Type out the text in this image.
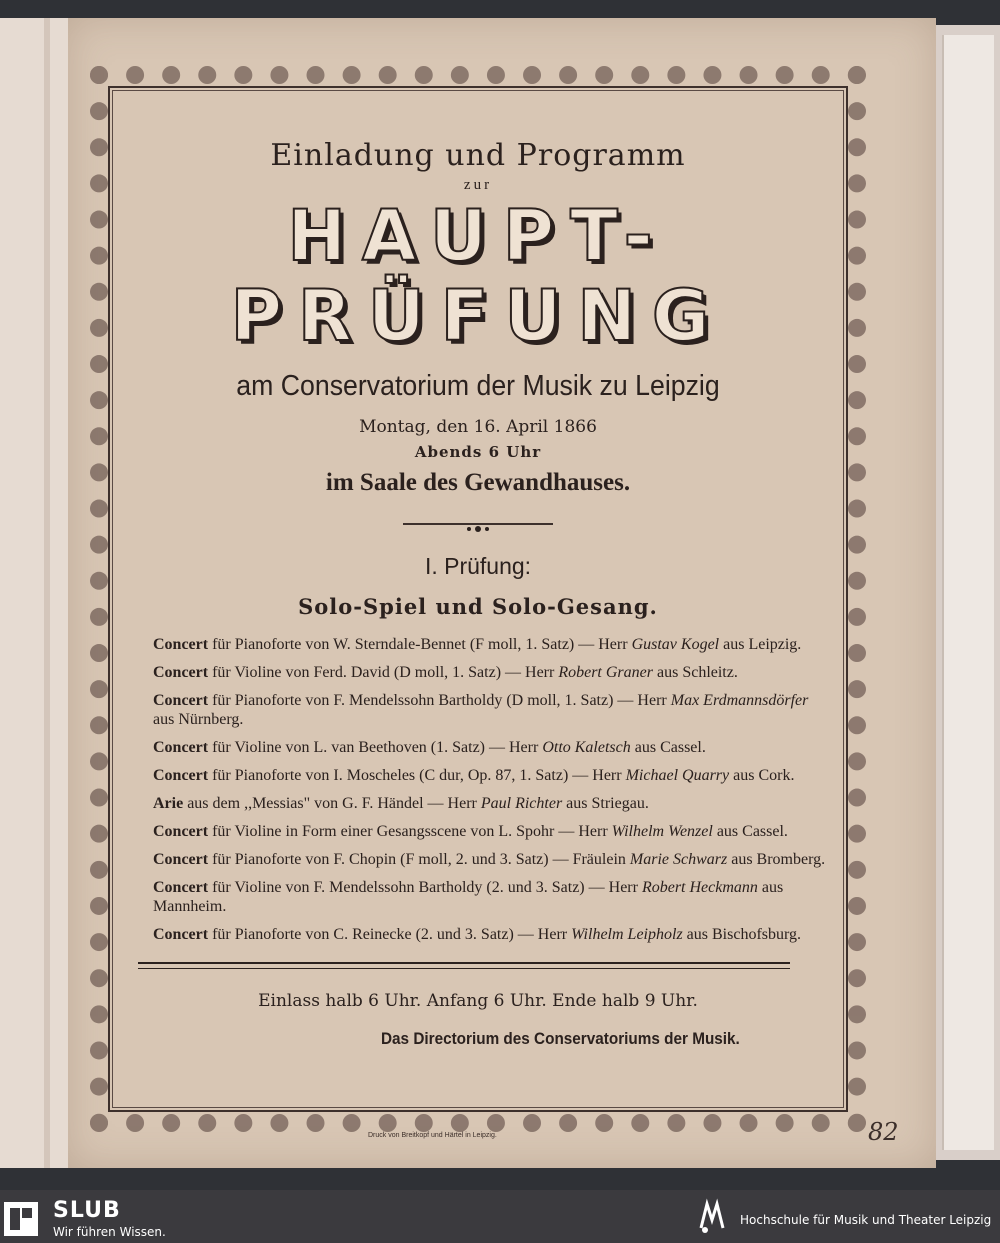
Einladung und Programm
zur
HAUPT-PRÜFUNG
am Conservatorium der Musik zu Leipzig
Montag, den 16. April 1866
Abends 6 Uhr
im Saale des Gewandhauses.
I. Prüfung:
Solo-Spiel und Solo-Gesang.
Concert für Pianoforte von W. Sterndale-Bennet (F moll, 1. Satz) — Herr Gustav Kogel aus Leipzig.
Concert für Violine von Ferd. David (D moll, 1. Satz) — Herr Robert Graner aus Schleitz.
Concert für Pianoforte von F. Mendelssohn Bartholdy (D moll, 1. Satz) — Herr Max Erdmannsdörfer aus Nürnberg.
Concert für Violine von L. van Beethoven (1. Satz) — Herr Otto Kaletsch aus Cassel.
Concert für Pianoforte von I. Moscheles (C dur, Op. 87, 1. Satz) — Herr Michael Quarry aus Cork.
Arie aus dem ,,Messias" von G. F. Händel — Herr Paul Richter aus Striegau.
Concert für Violine in Form einer Gesangsscene von L. Spohr — Herr Wilhelm Wenzel aus Cassel.
Concert für Pianoforte von F. Chopin (F moll, 2. und 3. Satz) — Fräulein Marie Schwarz aus Bromberg.
Concert für Violine von F. Mendelssohn Bartholdy (2. und 3. Satz) — Herr Robert Heckmann aus Mannheim.
Concert für Pianoforte von C. Reinecke (2. und 3. Satz) — Herr Wilhelm Leipholz aus Bischofsburg.
Einlass halb 6 Uhr. Anfang 6 Uhr. Ende halb 9 Uhr.
Das Directorium des Conservatoriums der Musik.
Druck von Breitkopf und Härtel in Leipzig.	82
SLUB
Wir führen Wissen.
Hochschule für Musik und Theater Leipzig
